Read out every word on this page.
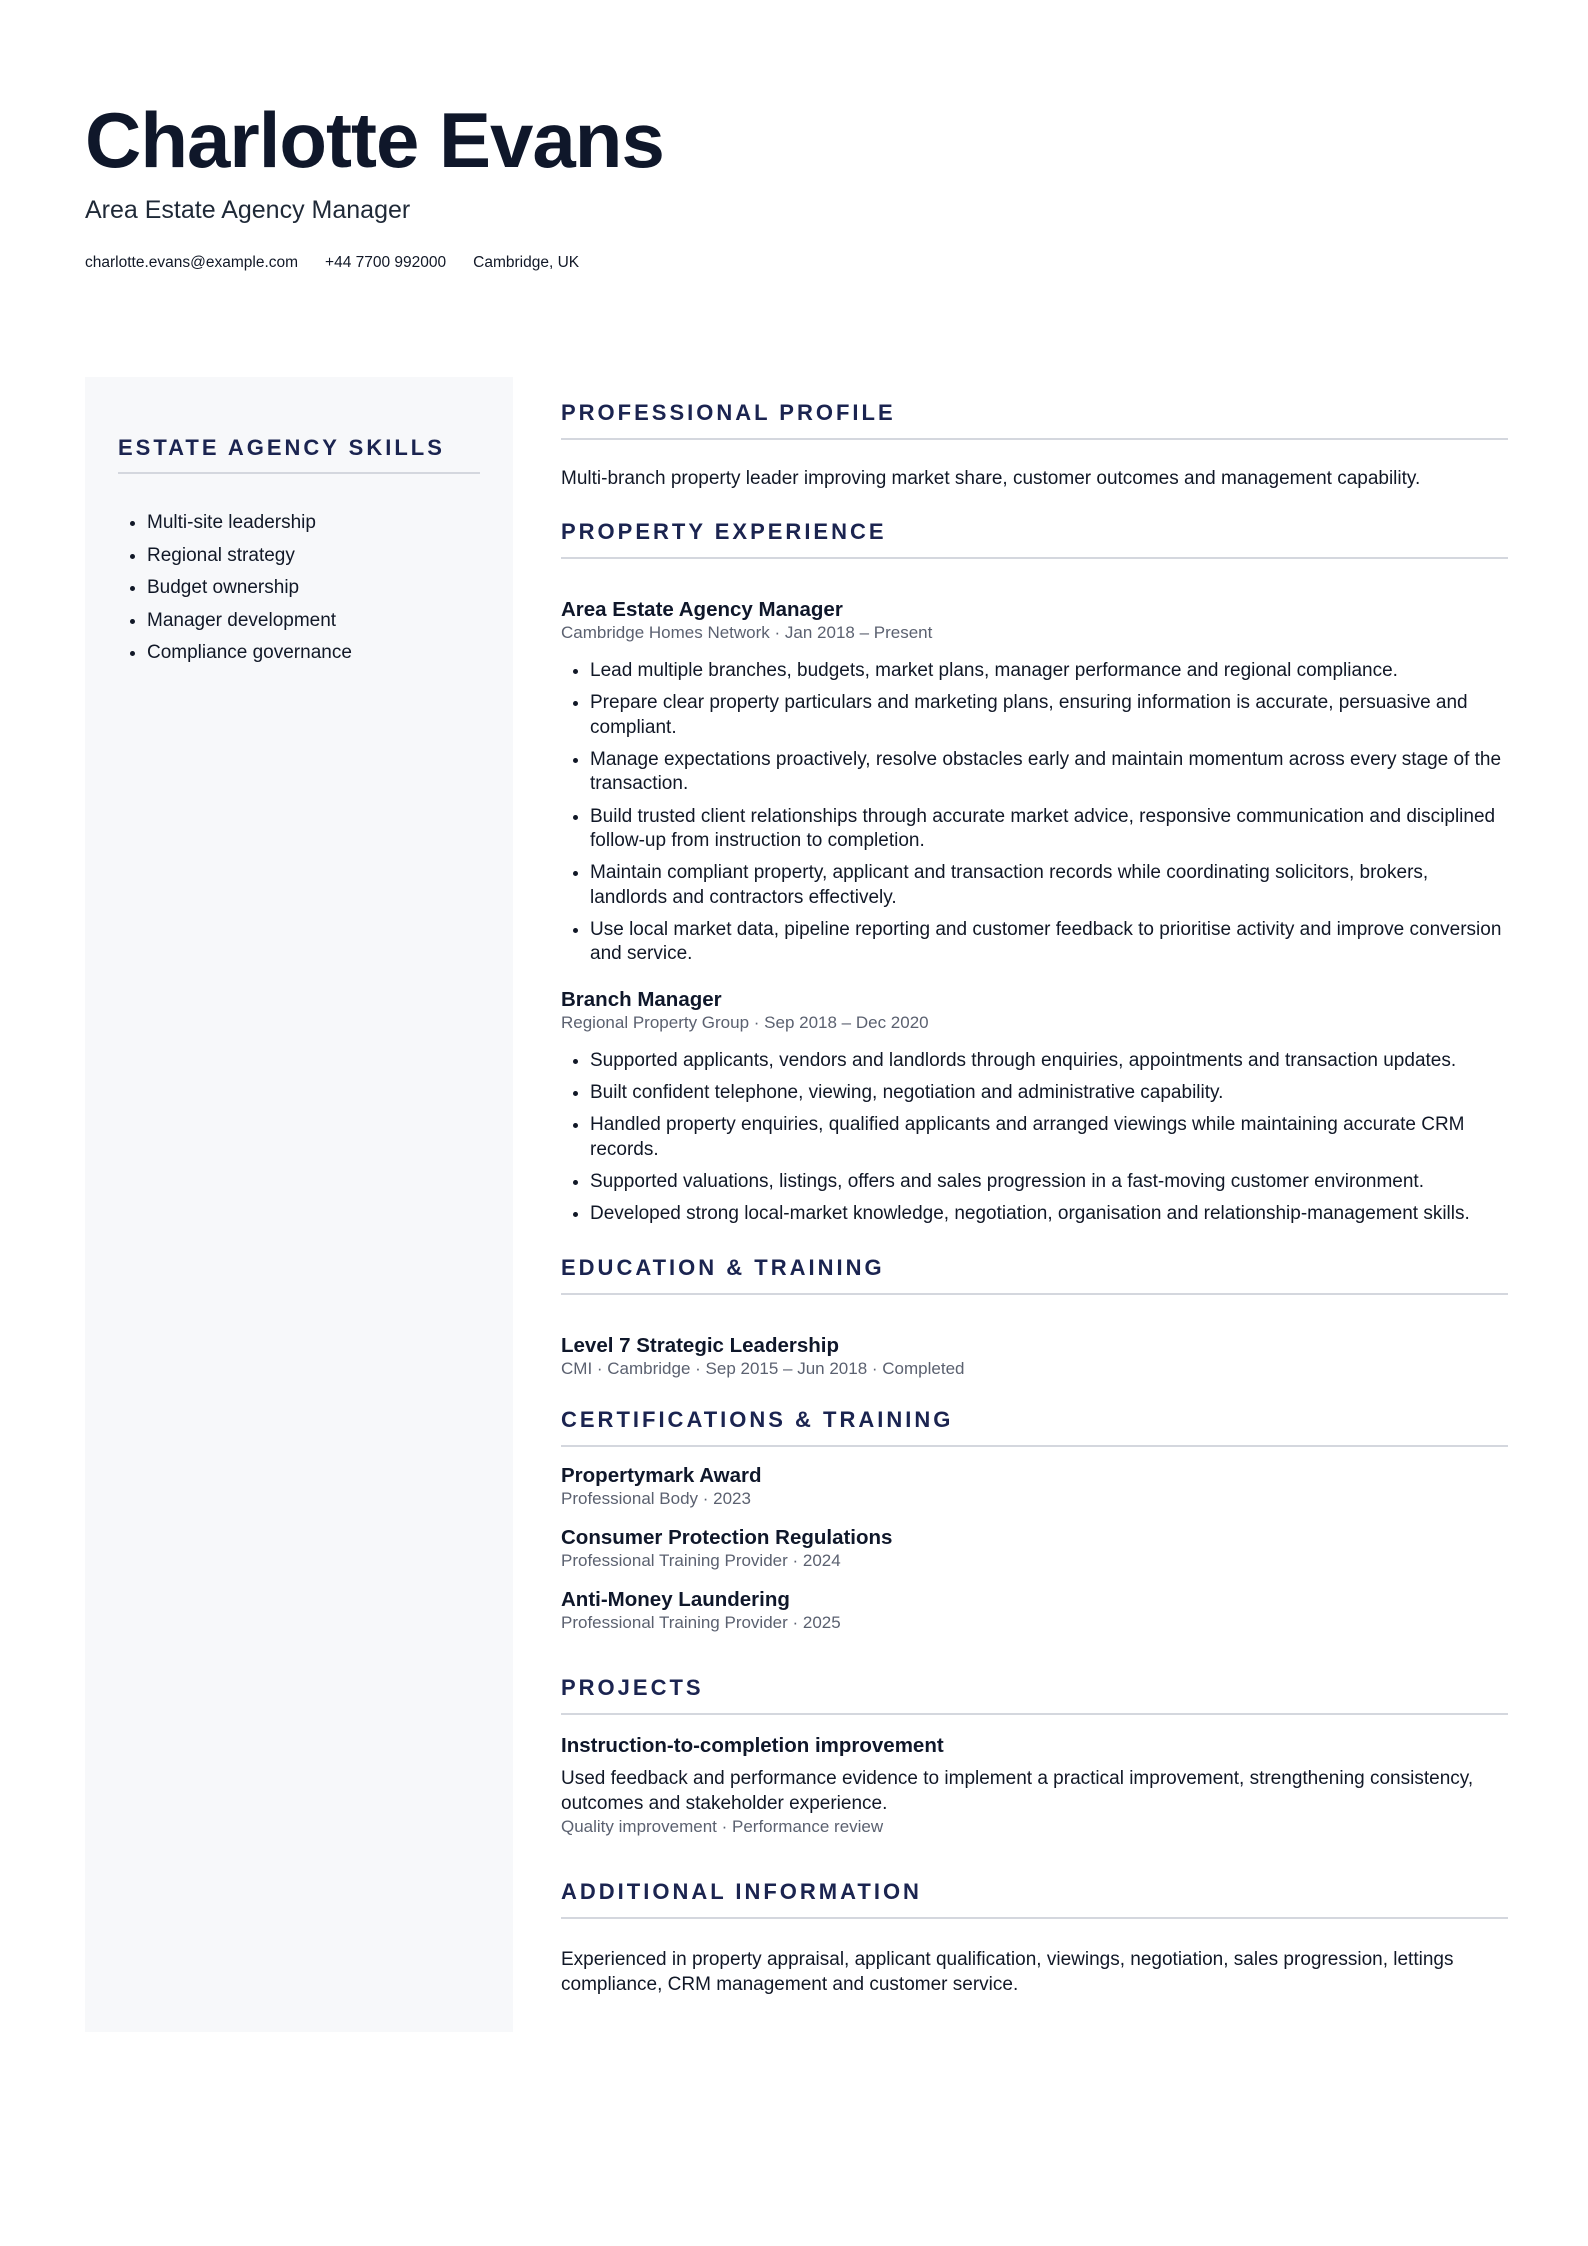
Charlotte Evans
Area Estate Agency Manager
charlotte.evans@example.com +44 7700 992000 Cambridge, UK
ESTATE AGENCY SKILLS
• Multi-site leadership
• Regional strategy
• Budget ownership
• Manager development
• Compliance governance
PROFESSIONAL PROFILE

Multi-branch property leader improving market share, customer outcomes and management capability.

PROPERTY EXPERIENCE

Area Estate Agency Manager

Cambridge Homes Network · Jan 2018 – Present

• Lead multiple branches, budgets, market plans, manager performance and regional compliance.
• Prepare clear property particulars and marketing plans, ensuring information is accurate, persuasive and compliant.
• Manage expectations proactively, resolve obstacles early and maintain momentum across every stage of the transaction.
• Build trusted client relationships through accurate market advice, responsive communication and disciplined follow-up from instruction to completion.
• Maintain compliant property, applicant and transaction records while coordinating solicitors, brokers, landlords and contractors effectively.
• Use local market data, pipeline reporting and customer feedback to prioritise activity and improve conversion and service.

Branch Manager

Regional Property Group · Sep 2018 – Dec 2020

• Supported applicants, vendors and landlords through enquiries, appointments and transaction updates.
• Built confident telephone, viewing, negotiation and administrative capability.
• Handled property enquiries, qualified applicants and arranged viewings while maintaining accurate CRM records.
• Supported valuations, listings, offers and sales progression in a fast-moving customer environment.
• Developed strong local-market knowledge, negotiation, organisation and relationship-management skills.
EDUCATION & TRAINING

Level 7 Strategic Leadership

CMI · Cambridge · Sep 2015 – Jun 2018 · Completed

CERTIFICATIONS & TRAINING

Propertymark Award

Professional Body · 2023

Consumer Protection Regulations

Professional Training Provider · 2024

Anti-Money Laundering

Professional Training Provider · 2025

PROJECTS

Instruction-to-completion improvement

Used feedback and performance evidence to implement a practical improvement, strengthening consistency, outcomes and stakeholder experience.

Quality improvement · Performance review

ADDITIONAL INFORMATION

Experienced in property appraisal, applicant qualification, viewings, negotiation, sales progression, lettings compliance, CRM management and customer service.
